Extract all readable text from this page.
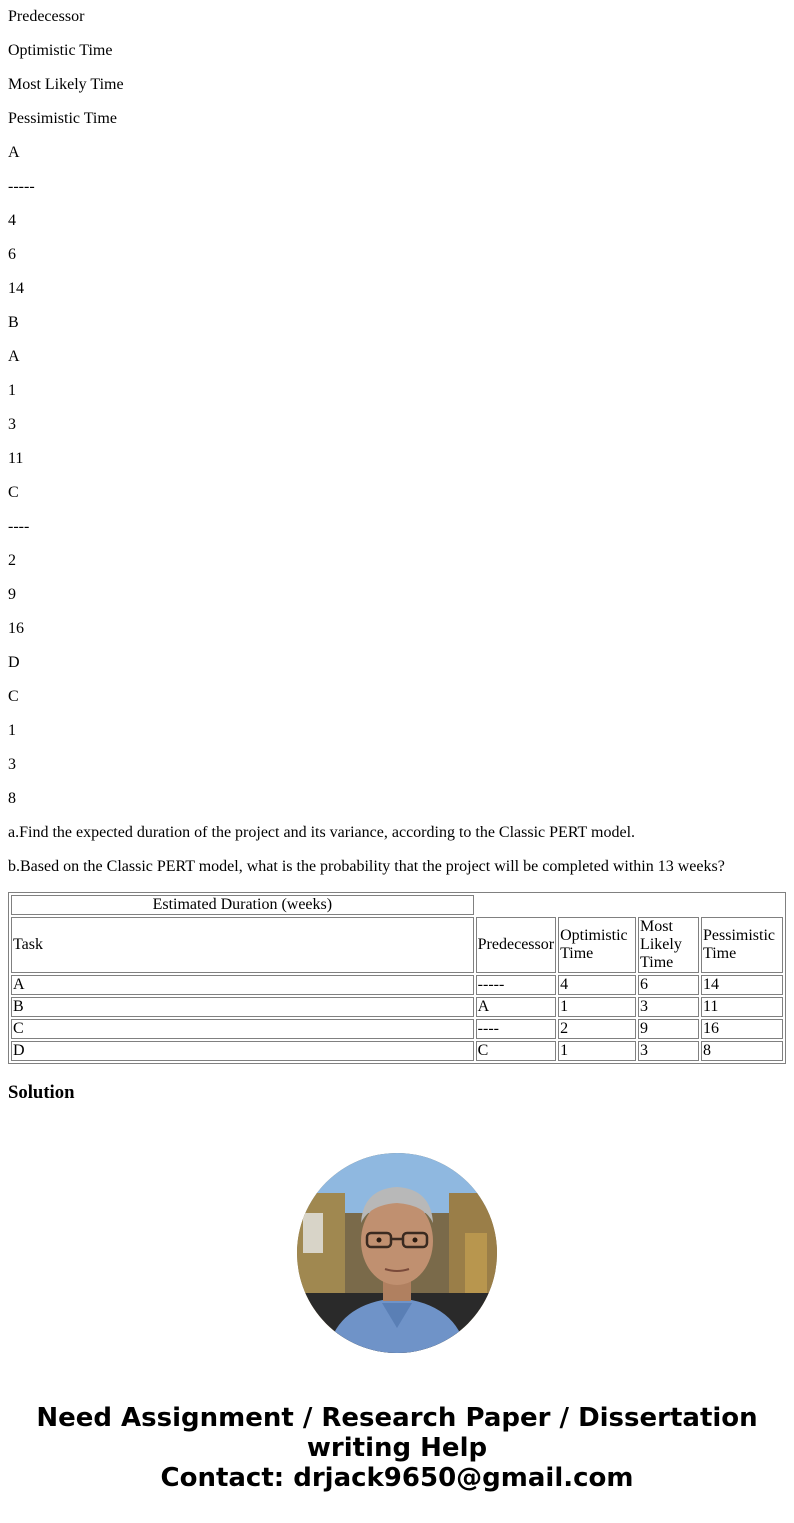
Predecessor

Optimistic Time

Most Likely Time

Pessimistic Time

A

-----

4

6

14

B

A

1

3

11

C

----

2

9

16

D

C

1

3

8

a.Find the expected duration of the project and its variance, according to the Classic PERT model.

b.Based on the Classic PERT model, what is the probability that the project will be completed within 13 weeks?

Estimated Duration (weeks)				
Task	Predecessor	Optimistic Time	Most Likely Time	Pessimistic Time
A	-----	4	6	14
B	A	1	3	11
C	----	2	9	16
D	C	1	3	8
Solution
Need Assignment / Research Paper / Dissertation
writing Help
Contact: drjack9650@gmail.com
